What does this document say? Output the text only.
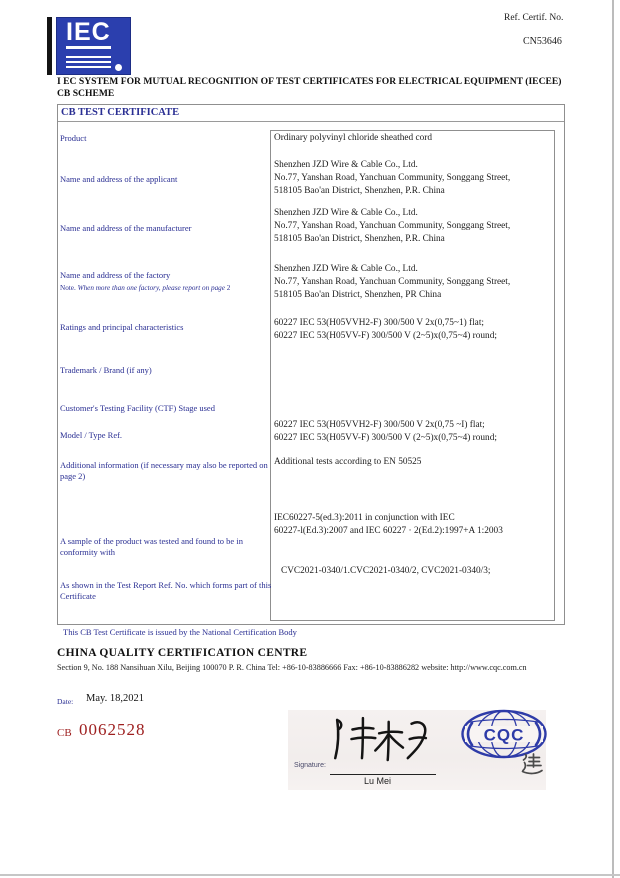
IEC	Ref. Certif. No.
CN53646
I EC SYSTEM FOR MUTUAL RECOGNITION OF TEST CERTIFICATES FOR ELECTRICAL EQUIPMENT (IECEE) CB SCHEME
CB TEST CERTIFICATE
Product
Name and address of the applicant
Name and address of the manufacturer
Name and address of the factory
Note. When more than one factory, please report on page 2
Ratings and principal characteristics
Trademark / Brand (if any)
Customer's Testing Facility (CTF) Stage used
Model / Type Ref.
Additional information (if necessary may also be reported on page 2)
A sample of the product was tested and found to be in conformity with
As shown in the Test Report Ref. No. which forms part of this Certificate
Ordinary polyvinyl chloride sheathed cord
Shenzhen JZD Wire & Cable Co., Ltd.
No.77, Yanshan Road, Yanchuan Community, Songgang Street,
518105 Bao'an District, Shenzhen, P.R. China
Shenzhen JZD Wire & Cable Co., Ltd.
No.77, Yanshan Road, Yanchuan Community, Songgang Street,
518105 Bao'an District, Shenzhen, P.R. China
Shenzhen JZD Wire & Cable Co., Ltd.
No.77, Yanshan Road, Yanchuan Community, Songgang Street,
518105 Bao'an District, Shenzhen, PR China
60227 IEC 53(H05VVH2-F) 300/500 V 2x(0,75~1) flat;
60227 IEC 53(H05VV-F) 300/500 V (2~5)x(0,75~4) round;
60227 IEC 53(H05VVH2-F) 300/500 V 2x(0,75 ~I) flat;
60227 IEC 53(H05VV-F) 300/500 V (2~5)x(0,75~4) round;
Additional tests according to EN 50525
IEC60227-5(ed.3):2011 in conjunction with IEC
60227-l(Ed.3):2007 and IEC 60227 · 2(Ed.2):1997+A 1:2003
CVC2021-0340/1.CVC2021-0340/2, CVC2021-0340/3;
This CB Test Certificate is issued by the National Certification Body
CHINA QUALITY CERTIFICATION CENTRE
Section 9, No. 188 Nansihuan Xilu, Beijing 100070 P. R. China Tel: +86-10-83886666 Fax: +86-10-83886282 website: http://www.cqc.com.cn
Date: May. 18,2021
CB 0062528
Signature:
Lu Mei
CQC
